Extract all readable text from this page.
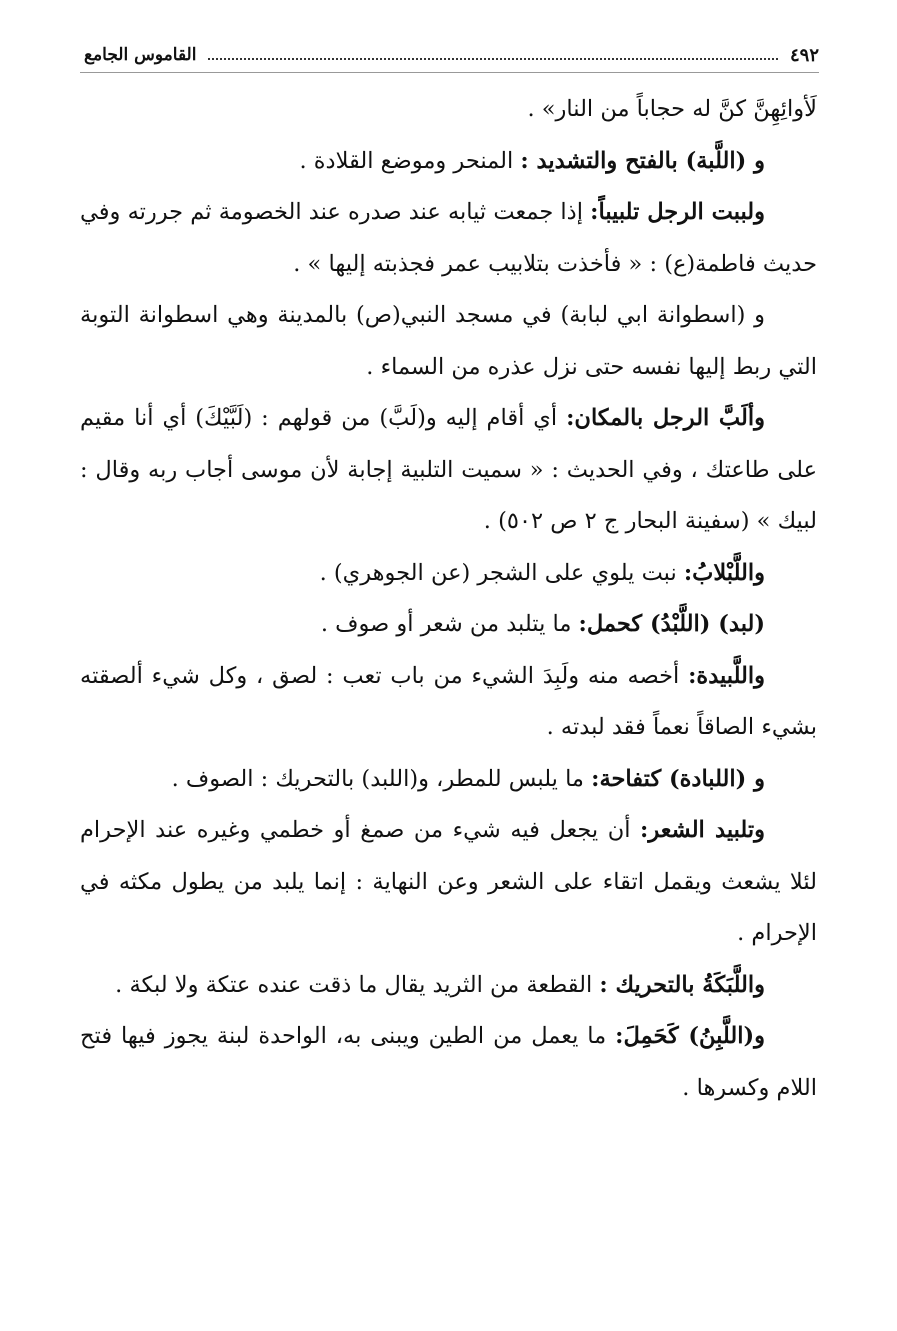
٤٩٢
القاموس الجامع

لَأوائِهِنَّ كنَّ له حجاباً من النار» .

و (اللَّبة) بالفتح والتشديد : المنحر وموضع القلادة .

ولببت الرجل تلبيباً: إذا جمعت ثيابه عند صدره عند الخصومة ثم جررته وفي حديث فاطمة(ع) : « فأخذت بتلابيب عمر فجذبته إليها » .

و (اسطوانة ابي لبابة) في مسجد النبي(ص) بالمدينة وهي اسطوانة التوبة التي ربط إليها نفسه حتى نزل عذره من السماء .

وألَبَّ الرجل بالمكان: أي أقام إليه و(لَبَّ) من قولهم : (لَبَّيْكَ) أي أنا مقيم على طاعتك ، وفي الحديث : « سميت التلبية إجابة لأن موسى أجاب ربه وقال : لبيك » (سفينة البحار ج ٢ ص ٥٠٢) .

واللَّبْلابُ: نبت يلوي على الشجر (عن الجوهري) .

(لبد) (اللَّبْدُ) كحمل: ما يتلبد من شعر أو صوف .

واللَّبيدة: أخصه منه ولَبِدَ الشيء من باب تعب : لصق ، وكل شيء ألصقته بشيء الصاقاً نعماً فقد لبدته .

و (اللبادة) كتفاحة: ما يلبس للمطر، و(اللبد) بالتحريك : الصوف .

وتلبيد الشعر: أن يجعل فيه شيء من صمغ أو خطمي وغيره عند الإحرام لئلا يشعث ويقمل اتقاء على الشعر وعن النهاية : إنما يلبد من يطول مكثه في الإحرام .

واللَّبَكَةُ بالتحريك : القطعة من الثريد يقال ما ذقت عنده عتكة ولا لبكة .

و(اللَّبِنُ) كَحَمِلَ: ما يعمل من الطين ويبنى به، الواحدة لبنة يجوز فيها فتح اللام وكسرها .
